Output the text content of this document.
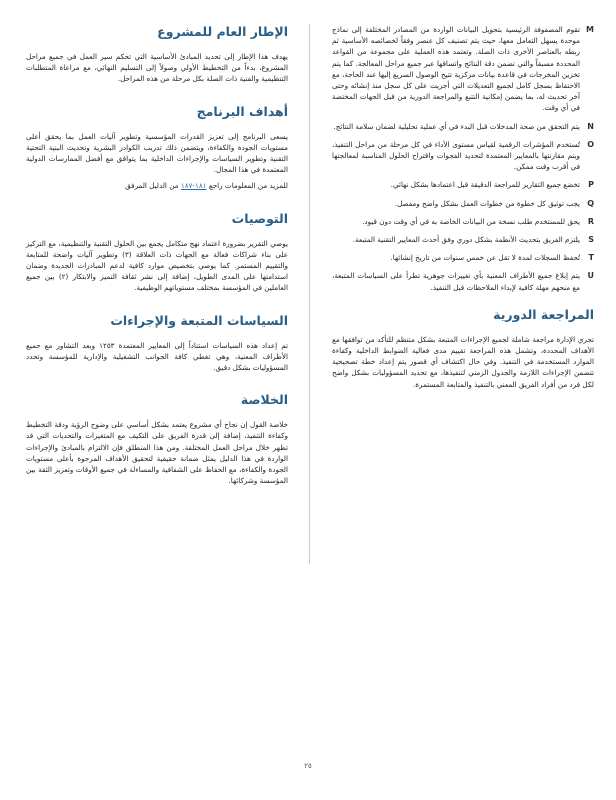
M
تقوم المصفوفة الرئيسية بتحويل البيانات الواردة من المصادر المختلفة إلى نماذج موحدة يسهل التعامل معها، حيث يتم تصنيف كل عنصر وفقاً لخصائصه الأساسية ثم ربطه بالعناصر الأخرى ذات الصلة. وتعتمد هذه العملية على مجموعة من القواعد المحددة مسبقاً والتي تضمن دقة النتائج واتساقها عبر جميع مراحل المعالجة. كما يتم تخزين المخرجات في قاعدة بيانات مركزية تتيح الوصول السريع إليها عند الحاجة، مع الاحتفاظ بسجل كامل لجميع التعديلات التي أجريت على كل سجل منذ إنشائه وحتى آخر تحديث له، بما يضمن إمكانية التتبع والمراجعة الدورية من قبل الجهات المختصة في أي وقت.
N
يتم التحقق من صحة المدخلات قبل البدء في أي عملية تحليلية لضمان سلامة النتائج.
O
تُستخدم المؤشرات الرقمية لقياس مستوى الأداء في كل مرحلة من مراحل التنفيذ، ويتم مقارنتها بالمعايير المعتمدة لتحديد الفجوات واقتراح الحلول المناسبة لمعالجتها في أقرب وقت ممكن.
P
تخضع جميع التقارير للمراجعة الدقيقة قبل اعتمادها بشكل نهائي.
Q
يجب توثيق كل خطوة من خطوات العمل بشكل واضح ومفصل.
R
يحق للمستخدم طلب نسخة من البيانات الخاصة به في أي وقت دون قيود.
S
يلتزم الفريق بتحديث الأنظمة بشكل دوري وفق أحدث المعايير التقنية المتبعة.
T
تُحفظ السجلات لمدة لا تقل عن خمس سنوات من تاريخ إنشائها.
U
يتم إبلاغ جميع الأطراف المعنية بأي تغييرات جوهرية تطرأ على السياسات المتبعة، مع منحهم مهلة كافية لإبداء الملاحظات قبل التنفيذ.
المراجعة الدورية

تجري الإدارة مراجعة شاملة لجميع الإجراءات المتبعة بشكل منتظم للتأكد من توافقها مع الأهداف المحددة، وتشمل هذه المراجعة تقييم مدى فعالية الضوابط الداخلية وكفاءة الموارد المستخدمة في التنفيذ. وفي حال اكتشاف أي قصور يتم إعداد خطة تصحيحية تتضمن الإجراءات اللازمة والجدول الزمني لتنفيذها، مع تحديد المسؤوليات بشكل واضح لكل فرد من أفراد الفريق المعني بالتنفيذ والمتابعة المستمرة.

الإطار العام للمشروع

يهدف هذا الإطار إلى تحديد المبادئ الأساسية التي تحكم سير العمل في جميع مراحل المشروع، بدءاً من التخطيط الأولي وصولاً إلى التسليم النهائي، مع مراعاة المتطلبات التنظيمية والفنية ذات الصلة بكل مرحلة من هذه المراحل.

أهداف البرنامج

يسعى البرنامج إلى تعزيز القدرات المؤسسية وتطوير آليات العمل بما يحقق أعلى مستويات الجودة والكفاءة، ويتضمن ذلك تدريب الكوادر البشرية وتحديث البنية التحتية التقنية وتطوير السياسات والإجراءات الداخلية بما يتوافق مع أفضل الممارسات الدولية المعتمدة في هذا المجال.

للمزيد من المعلومات راجع ١٨١-١٨٧ من الدليل المرفق

التوصيات

يوصي التقرير بضرورة اعتماد نهج متكامل يجمع بين الحلول التقنية والتنظيمية، مع التركيز على بناء شراكات فعالة مع الجهات ذات العلاقة (٣) وتطوير آليات واضحة للمتابعة والتقييم المستمر. كما يوصي بتخصيص موارد كافية لدعم المبادرات الجديدة وضمان استدامتها على المدى الطويل، إضافة إلى نشر ثقافة التميز والابتكار (٢) بين جميع العاملين في المؤسسة بمختلف مستوياتهم الوظيفية.

السياسات المتبعة والإجراءات

تم إعداد هذه السياسات استناداً إلى المعايير المعتمدة ١٢٥٣ وبعد التشاور مع جميع الأطراف المعنية، وهي تغطي كافة الجوانب التشغيلية والإدارية للمؤسسة وتحدد المسؤوليات بشكل دقيق.

الخلاصة

خلاصة القول إن نجاح أي مشروع يعتمد بشكل أساسي على وضوح الرؤية ودقة التخطيط وكفاءة التنفيذ، إضافة إلى قدرة الفريق على التكيف مع المتغيرات والتحديات التي قد تظهر خلال مراحل العمل المختلفة. ومن هذا المنطلق فإن الالتزام بالمبادئ والإجراءات الواردة في هذا الدليل يمثل ضمانة حقيقية لتحقيق الأهداف المرجوة بأعلى مستويات الجودة والكفاءة، مع الحفاظ على الشفافية والمساءلة في جميع الأوقات وتعزيز الثقة بين المؤسسة وشركائها.

٢٥
